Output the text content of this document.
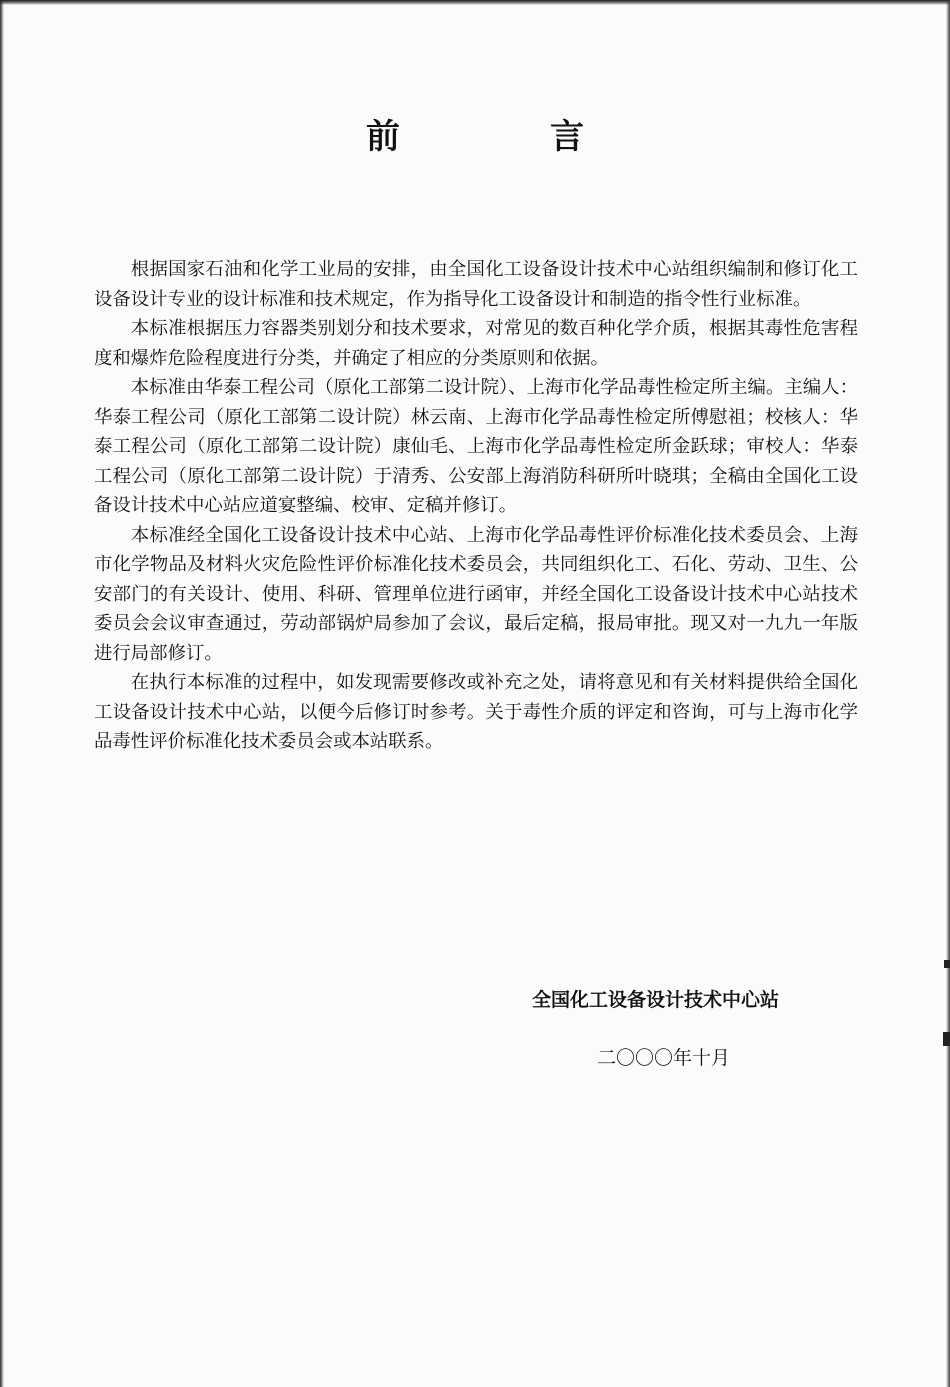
前　言

根据国家石油和化学工业局的安排，由全国化工设备设计技术中心站组织编制和修订化工设备设计专业的设计标准和技术规定，作为指导化工设备设计和制造的指令性行业标准。

本标准根据压力容器类别划分和技术要求，对常见的数百种化学介质，根据其毒性危害程度和爆炸危险程度进行分类，并确定了相应的分类原则和依据。

本标准由华泰工程公司（原化工部第二设计院）、上海市化学品毒性检定所主编。主编人：华泰工程公司（原化工部第二设计院）林云南、上海市化学品毒性检定所傅慰祖；校核人：华泰工程公司（原化工部第二设计院）康仙毛、上海市化学品毒性检定所金跃球；审校人：华泰工程公司（原化工部第二设计院）于清秀、公安部上海消防科研所叶晓琪；全稿由全国化工设备设计技术中心站应道宴整编、校审、定稿并修订。

本标准经全国化工设备设计技术中心站、上海市化学品毒性评价标准化技术委员会、上海市化学物品及材料火灾危险性评价标准化技术委员会，共同组织化工、石化、劳动、卫生、公安部门的有关设计、使用、科研、管理单位进行函审，并经全国化工设备设计技术中心站技术委员会会议审查通过，劳动部锅炉局参加了会议，最后定稿，报局审批。现又对一九九一年版进行局部修订。

在执行本标准的过程中，如发现需要修改或补充之处，请将意见和有关材料提供给全国化工设备设计技术中心站，以便今后修订时参考。关于毒性介质的评定和咨询，可与上海市化学品毒性评价标准化技术委员会或本站联系。

全国化工设备设计技术中心站
二〇〇〇年十月
